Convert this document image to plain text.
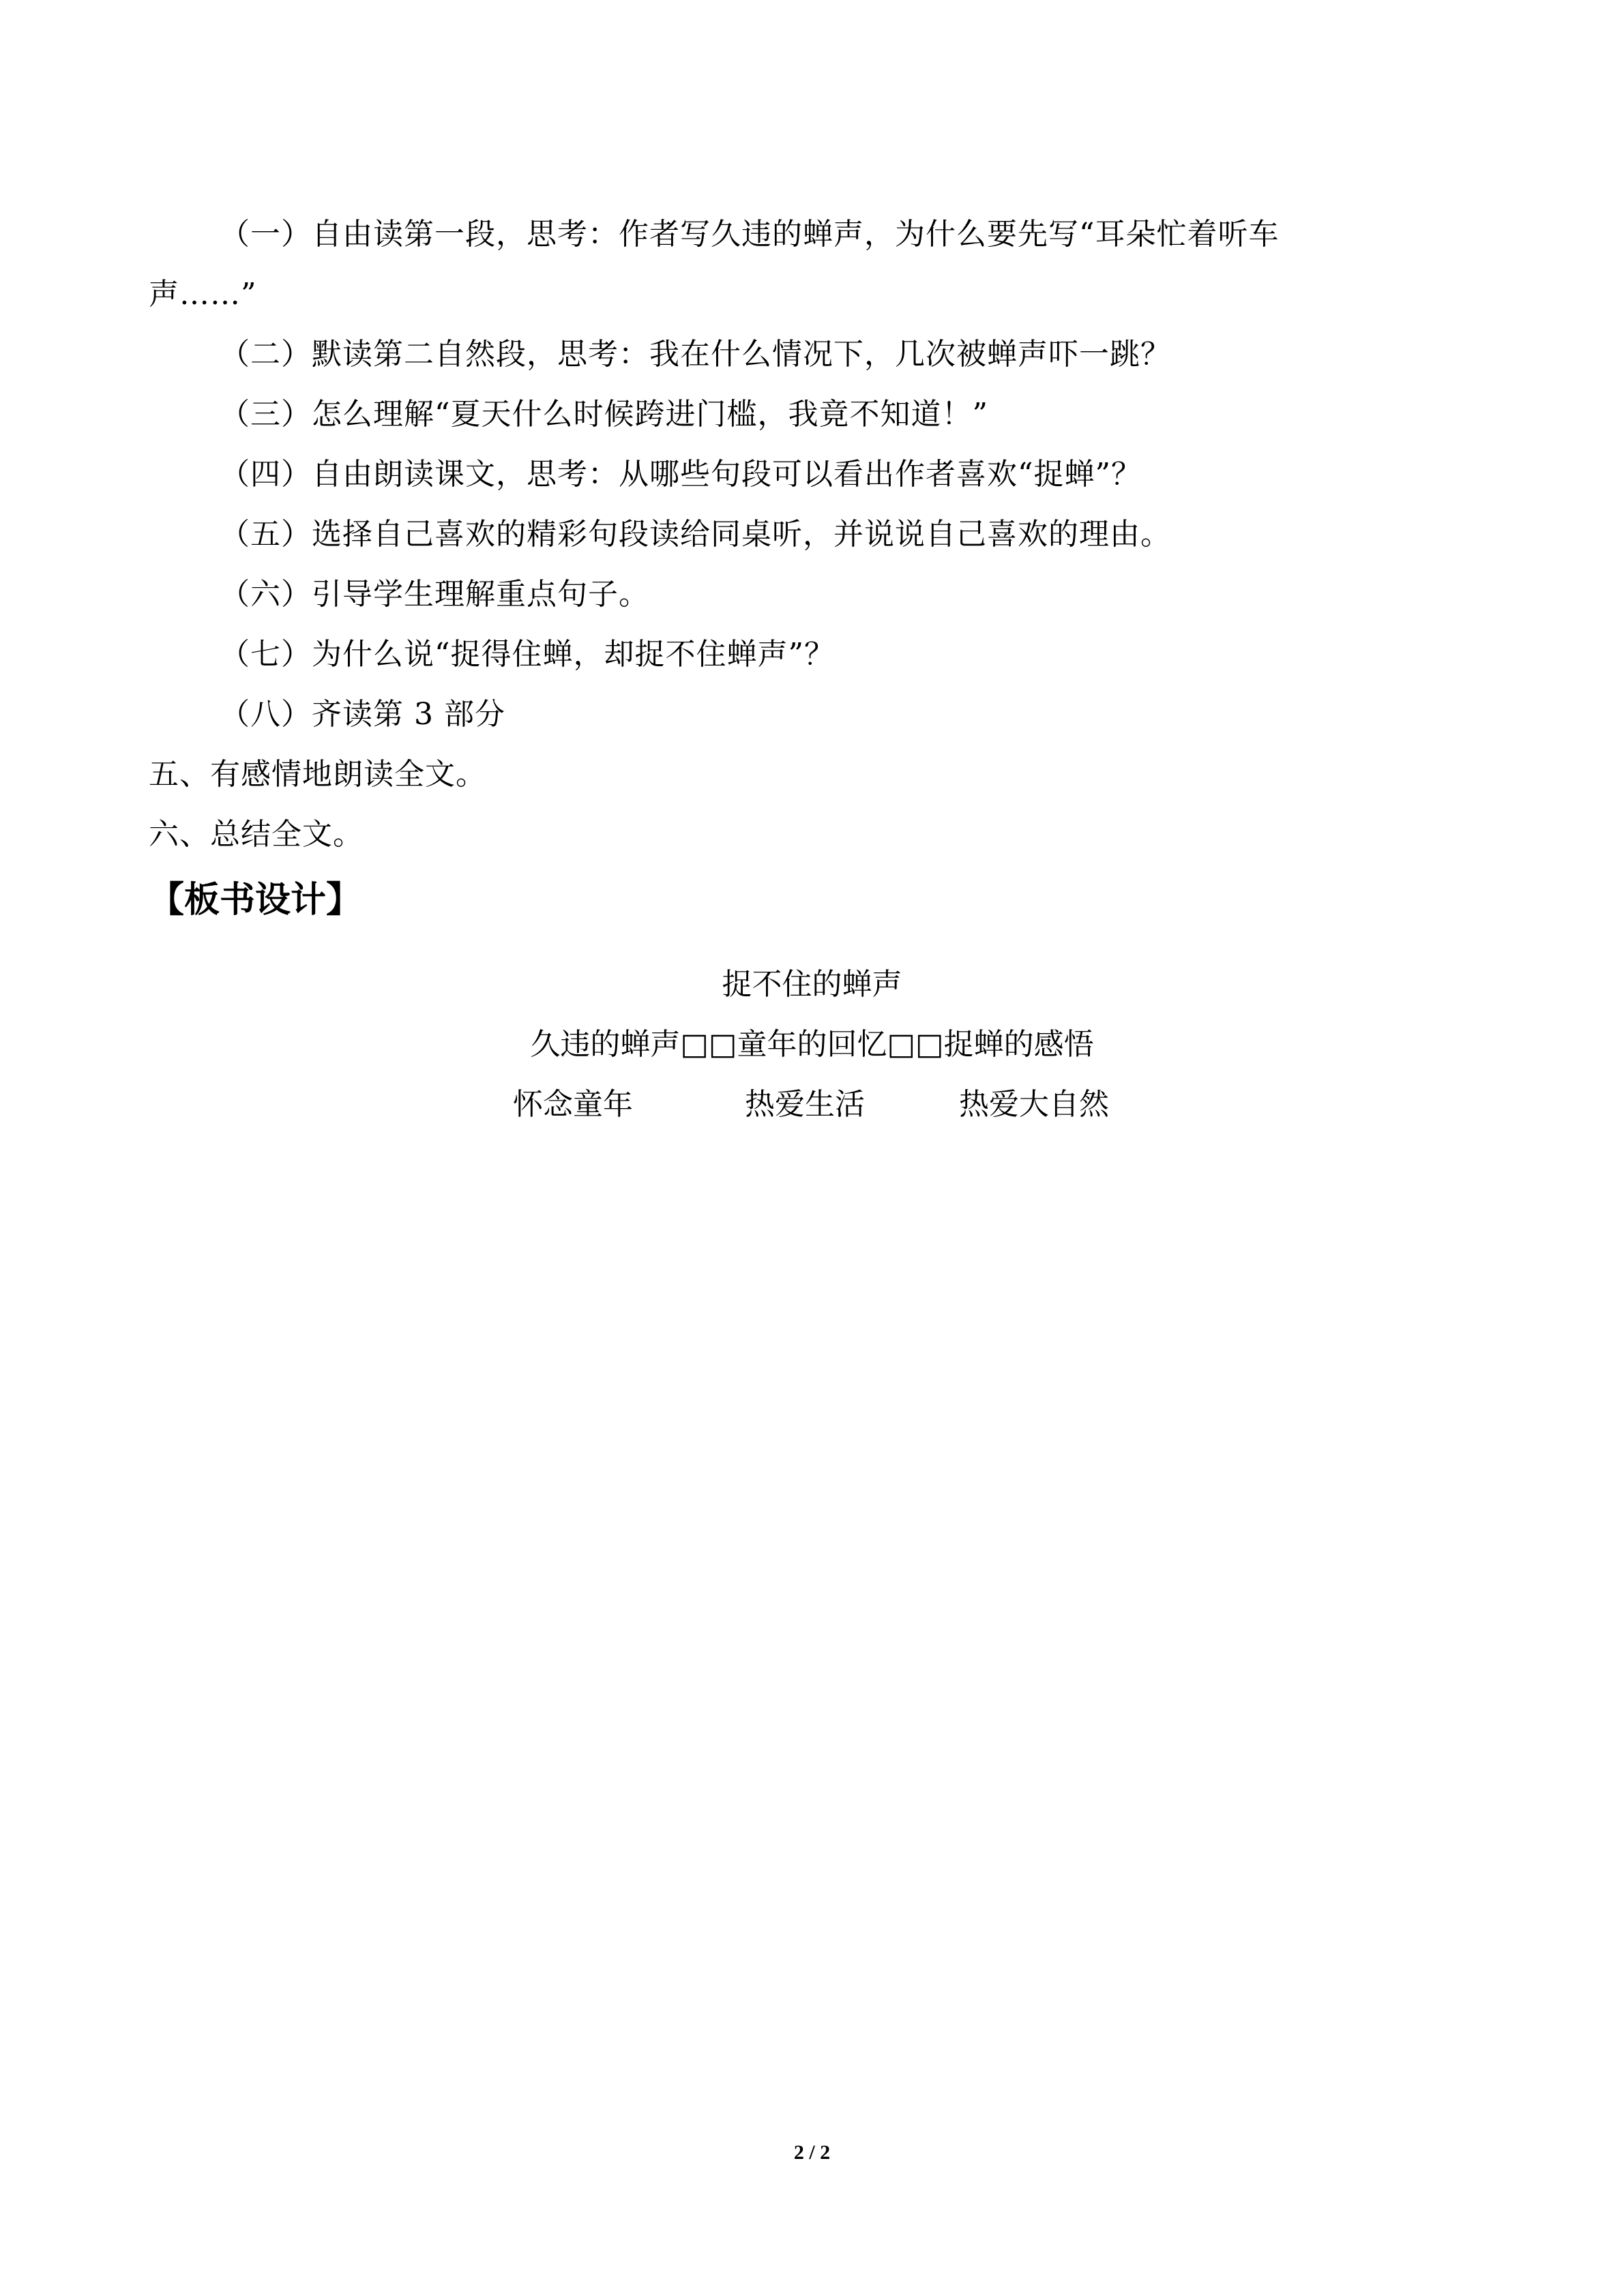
（一）自由读第一段，思考：作者写久违的蝉声，为什么要先写“耳朵忙着听车
声……”
（二）默读第二自然段，思考：我在什么情况下，几次被蝉声吓一跳？
（三）怎么理解“夏天什么时候跨进门槛，我竟不知道！”
（四）自由朗读课文，思考：从哪些句段可以看出作者喜欢“捉蝉”？
（五）选择自己喜欢的精彩句段读给同桌听，并说说自己喜欢的理由。
（六）引导学生理解重点句子。
（七）为什么说“捉得住蝉，却捉不住蝉声”？
（八）齐读第 3 部分
五、有感情地朗读全文。
六、总结全文。
【板书设计】
捉不住的蝉声
久违的蝉声□□童年的回忆□□捉蝉的感悟
怀念童年	热爱生活	热爱大自然
2 / 2
